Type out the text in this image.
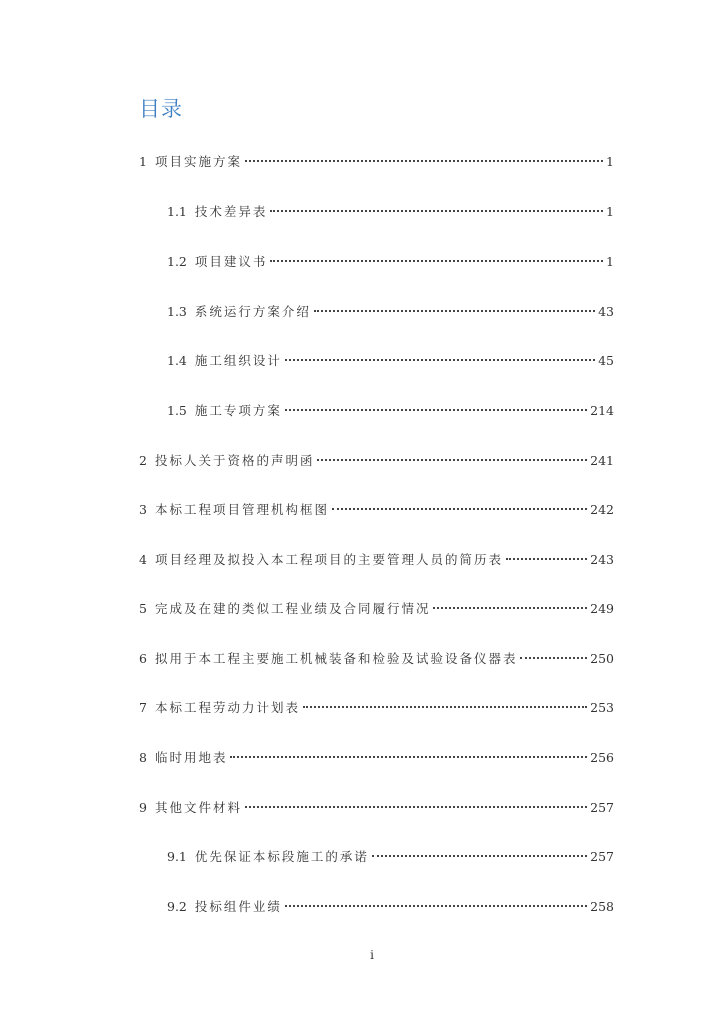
目录
1 项目实施方案	1
1.1 技术差异表	1
1.2 项目建议书	1
1.3 系统运行方案介绍	43
1.4 施工组织设计	45
1.5 施工专项方案	214
2 投标人关于资格的声明函	241
3 本标工程项目管理机构框图	242
4 项目经理及拟投入本工程项目的主要管理人员的简历表	243
5 完成及在建的类似工程业绩及合同履行情况	249
6 拟用于本工程主要施工机械装备和检验及试验设备仪器表	250
7 本标工程劳动力计划表	253
8 临时用地表	256
9 其他文件材料	257
9.1 优先保证本标段施工的承诺	257
9.2 投标组件业绩	258
i
